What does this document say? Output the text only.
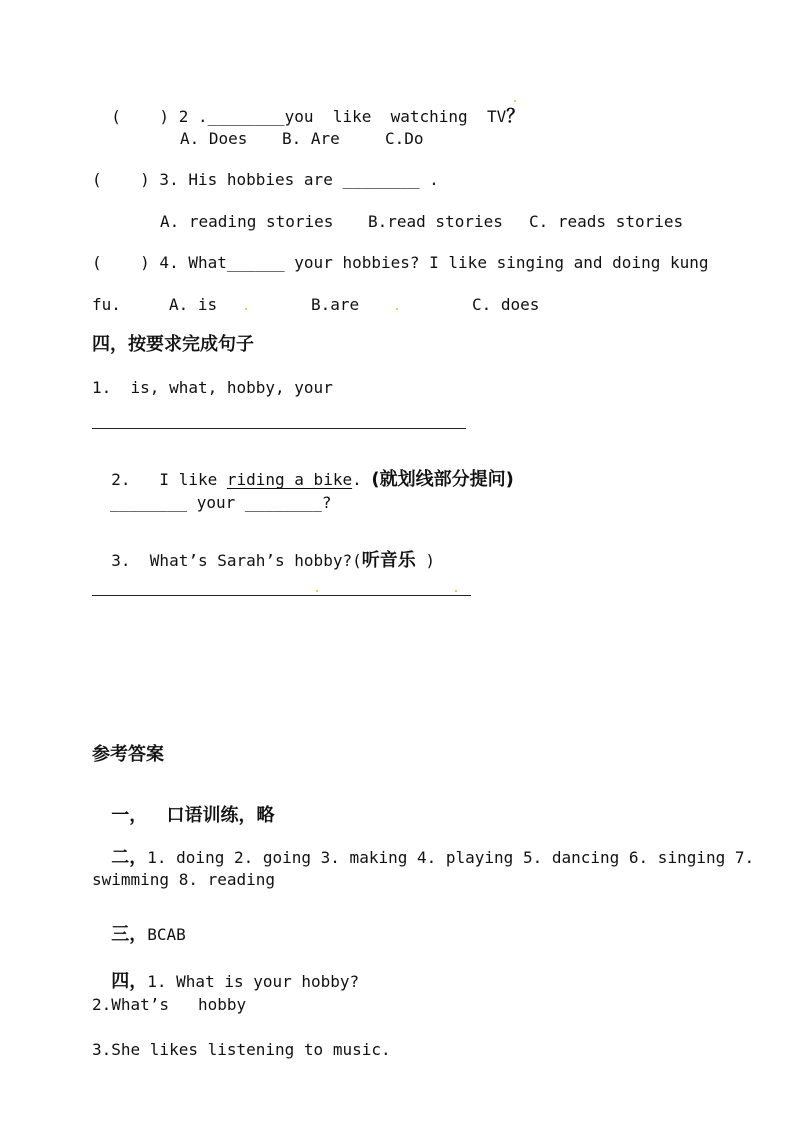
(    ) 2 .________you  like  watching  TV？

A. Does B. Are	C.Do
(    ) 3. His hobbies are ________ .
A. reading stories B.read stories C. reads stories
(    ) 4. What______ your hobbies? I like singing and doing kung
fu.	A. is	B.are	C. does
四，按要求完成句子
1.  is, what, hobby, your

2.   I like riding a bike. (就划线部分提问)

________ your ________?

3.  What’s Sarah’s hobby?(听音乐 )

参考答案

一， 口语训练，略

二，1. doing 2. going 3. making 4. playing 5. dancing 6. singing 7.

swimming 8. reading

三，BCAB

四，1. What is your hobby?

2.What’s   hobby
3.She likes listening to music.
